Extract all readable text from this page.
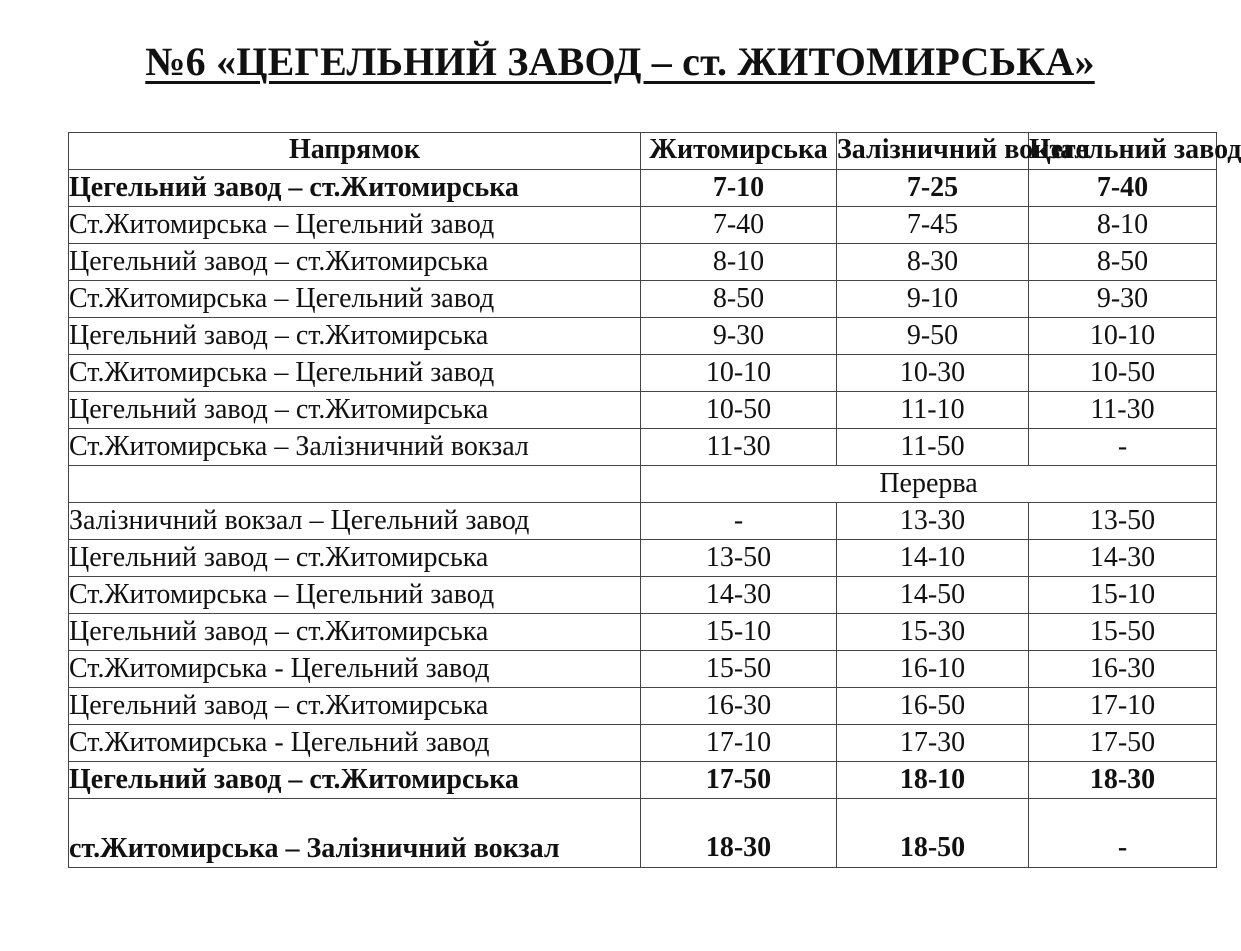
№6 «ЦЕГЕЛЬНИЙ ЗАВОД – ст. ЖИТОМИРСЬКА»
Напрямок	Житомирська	Залізничний вокзал	Цегельний завод
Цегельний завод – ст.Житомирська	7-10	7-25	7-40
Ст.Житомирська – Цегельний завод	7-40	7-45	8-10
Цегельний завод – ст.Житомирська	8-10	8-30	8-50
Ст.Житомирська – Цегельний завод	8-50	9-10	9-30
Цегельний завод – ст.Житомирська	9-30	9-50	10-10
Ст.Житомирська – Цегельний завод	10-10	10-30	10-50
Цегельний завод – ст.Житомирська	10-50	11-10	11-30
Ст.Житомирська – Залізничний вокзал	11-30	11-50	-
	Перерва		
Залізничний вокзал – Цегельний завод	-	13-30	13-50
Цегельний завод – ст.Житомирська	13-50	14-10	14-30
Ст.Житомирська – Цегельний завод	14-30	14-50	15-10
Цегельний завод – ст.Житомирська	15-10	15-30	15-50
Ст.Житомирська - Цегельний завод	15-50	16-10	16-30
Цегельний завод – ст.Житомирська	16-30	16-50	17-10
Ст.Житомирська - Цегельний завод	17-10	17-30	17-50
Цегельний завод – ст.Житомирська	17-50	18-10	18-30
ст.Житомирська – Залізничний вокзал	18-30	18-50	-
